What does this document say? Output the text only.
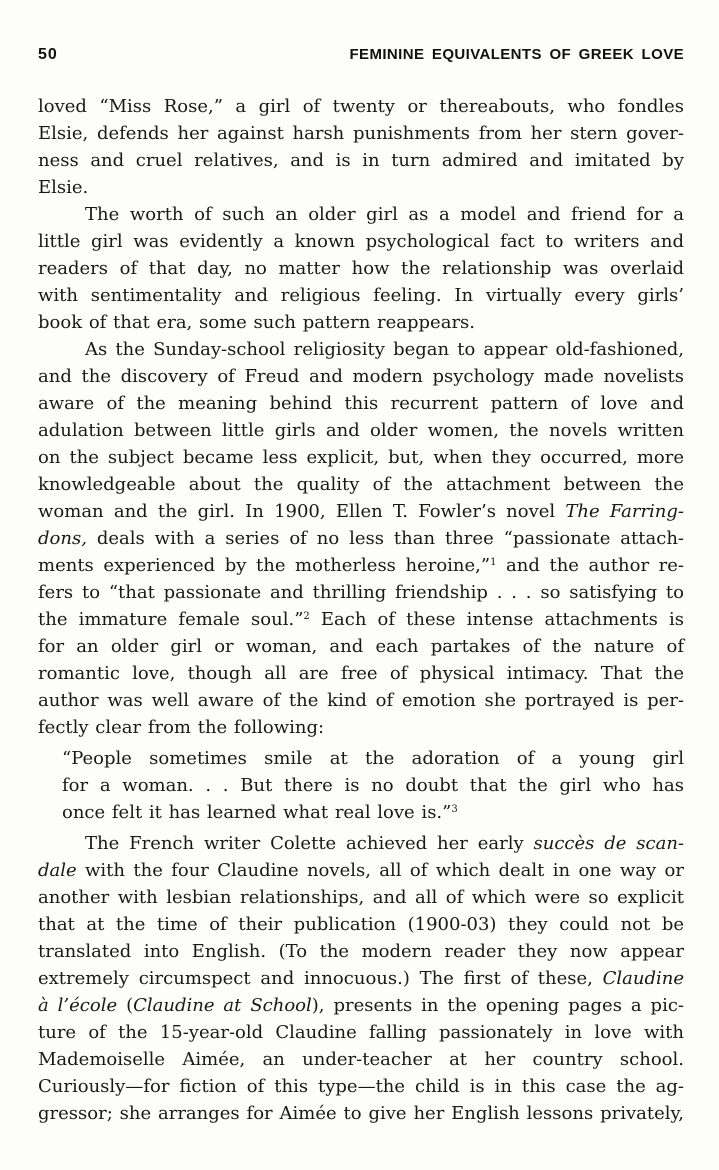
50	FEMININE EQUIVALENTS OF GREEK LOVE
loved “Miss Rose,” a girl of twenty or thereabouts, who fondles
Elsie, defends her against harsh punishments from her stern gover-
ness and cruel relatives, and is in turn admired and imitated by
Elsie.
The worth of such an older girl as a model and friend for a
little girl was evidently a known psychological fact to writers and
readers of that day, no matter how the relationship was overlaid
with sentimentality and religious feeling. In virtually every girls’
book of that era, some such pattern reappears.
As the Sunday-school religiosity began to appear old-fashioned,
and the discovery of Freud and modern psychology made novelists
aware of the meaning behind this recurrent pattern of love and
adulation between little girls and older women, the novels written
on the subject became less explicit, but, when they occurred, more
knowledgeable about the quality of the attachment between the
woman and the girl. In 1900, Ellen T. Fowler’s novel The Farring-
dons, deals with a series of no less than three “passionate attach-
ments experienced by the motherless heroine,”$^1$ and the author re-
fers to “that passionate and thrilling friendship . . . so satisfying to
the immature female soul.”$^2$ Each of these intense attachments is
for an older girl or woman, and each partakes of the nature of
romantic love, though all are free of physical intimacy. That the
author was well aware of the kind of emotion she portrayed is per-
fectly clear from the following:
“People sometimes smile at the adoration of a young girl
for a woman. . . But there is no doubt that the girl who has
once felt it has learned what real love is.”$^3$
The French writer Colette achieved her early succès de scan-
dale with the four Claudine novels, all of which dealt in one way or
another with lesbian relationships, and all of which were so explicit
that at the time of their publication (1900-03) they could not be
translated into English. (To the modern reader they now appear
extremely circumspect and innocuous.) The first of these, Claudine
à l’école (Claudine at School), presents in the opening pages a pic-
ture of the 15-year-old Claudine falling passionately in love with
Mademoiselle Aimée, an under-teacher at her country school.
Curiously—for fiction of this type—the child is in this case the ag-
gressor; she arranges for Aimée to give her English lessons privately,
